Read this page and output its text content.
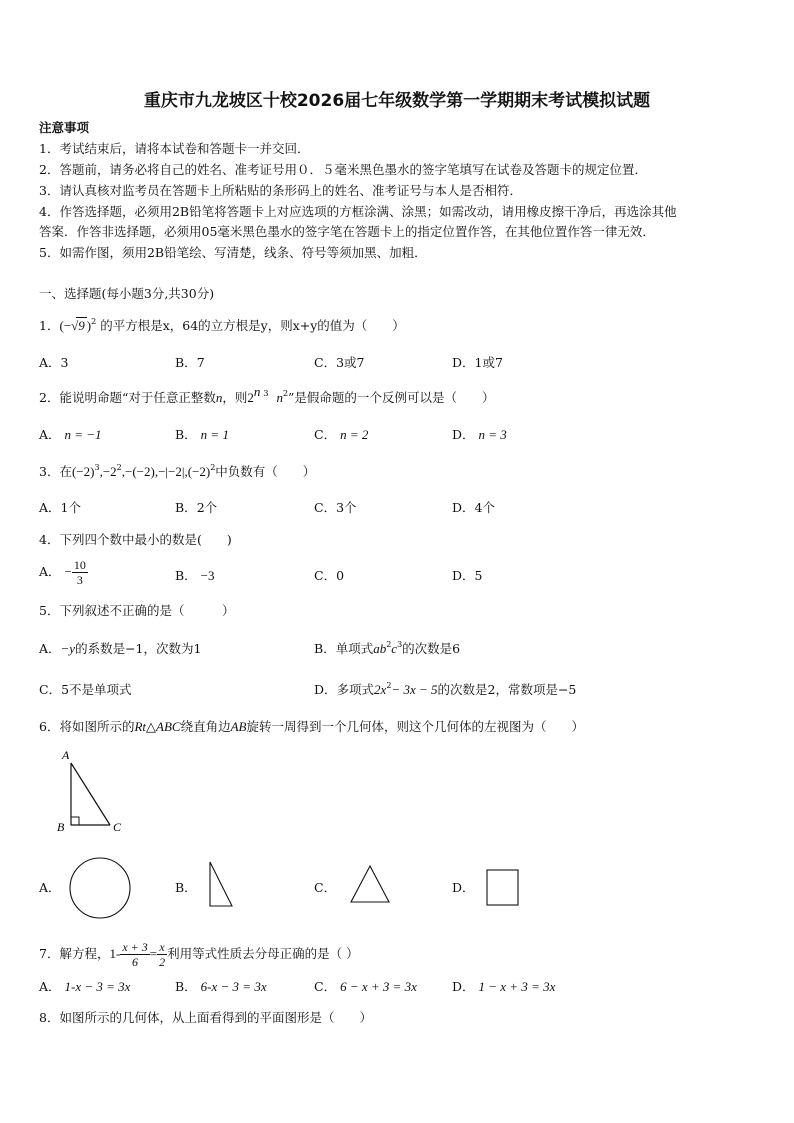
重庆市九龙坡区十校2026届七年级数学第一学期期末考试模拟试题
注意事项
1．考试结束后，请将本试卷和答题卡一并交回．
2．答题前，请务必将自己的姓名、准考证号用０．５毫米黑色墨水的签字笔填写在试卷及答题卡的规定位置．
3．请认真核对监考员在答题卡上所粘贴的条形码上的姓名、准考证号与本人是否相符．
4．作答选择题，必须用2B铅笔将答题卡上对应选项的方框涂满、涂黑；如需改动，请用橡皮擦干净后，再选涂其他
答案．作答非选择题，必须用05毫米黑色墨水的签字笔在答题卡上的指定位置作答，在其他位置作答一律无效．
5．如需作图，须用2B铅笔绘、写清楚，线条、符号等须加黑、加粗．
一、选择题(每小题3分,共30分)
1．(−√9 )$^2$ 的平方根是x，64的立方根是y，则x+y的值为（　　）
A．3	B．7	C．3或7	D．1或7
2．能说明命题“对于任意正整数n，则2$^n$ $^3$ $n^2$”是假命题的一个反例可以是（　　）
A． n = −1	B． n = 1	C． n = 2	D． n = 3
3．在$(-2)^3,-2^2,-(-2),-|-2|,(-2)^2$中负数有（　　）
A．1个	B．2个	C．3个	D．4个
4．下列四个数中最小的数是(　　)
A． − $\frac{10}{3}$	B． −3	C．0	D．5
5．下列叙述不正确的是（　　　）
A．−y的系数是−1，次数为1	B．单项式$ab^2c^3$的次数是6
C．5不是单项式	D．多项式$2x^2- 3x - 5$的次数是2，常数项是−5
6．将如图所示的Rt△ABC绕直角边AB旋转一周得到一个几何体，则这个几何体的左视图为（　　）
A
B	C
A．	B．	C．	D．
7．解方程，$1- \frac{x + 3}{6} = \frac{x}{2}$ 利用等式性质去分母正确的是（ ）
A． 1-x − 3 = 3x	B． 6-x − 3 = 3x	C． 6 − x + 3 = 3x	D． 1 − x + 3 = 3x
8．如图所示的几何体，从上面看得到的平面图形是（　　）
